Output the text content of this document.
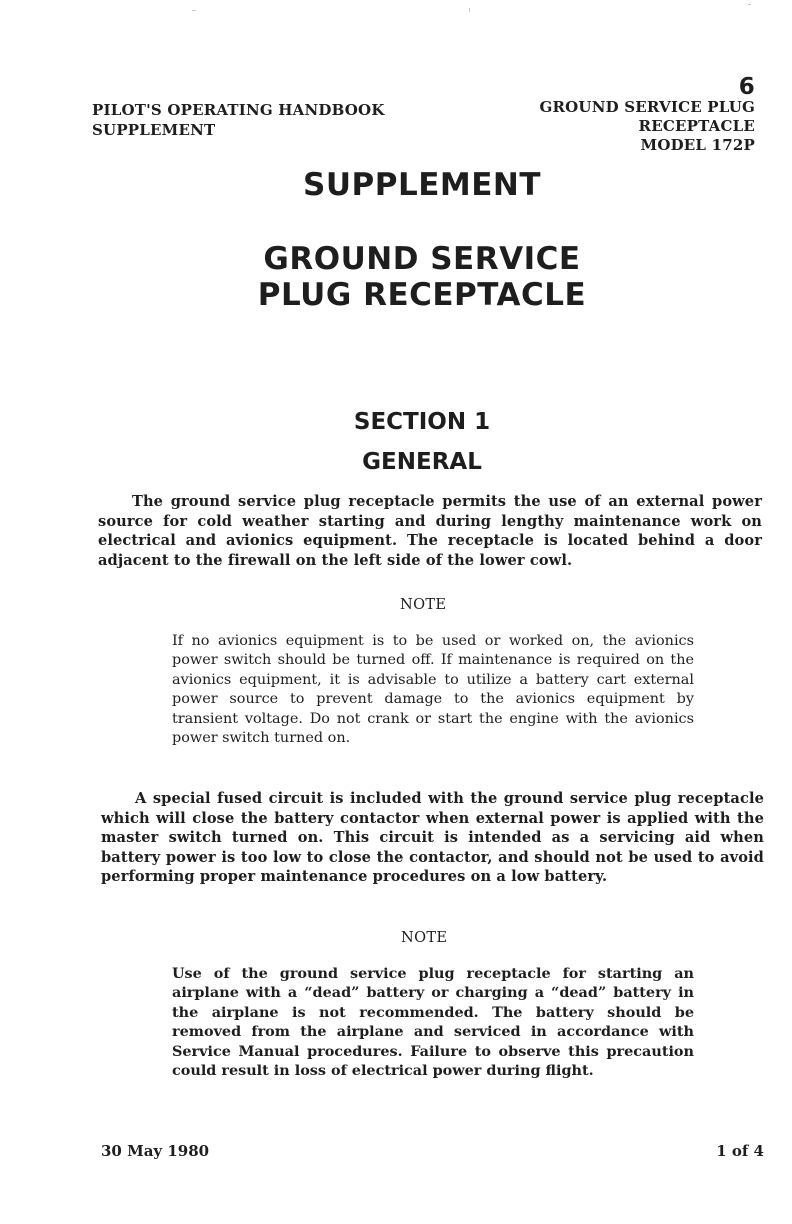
PILOT'S OPERATING HANDBOOK
SUPPLEMENT
6
GROUND SERVICE PLUG
RECEPTACLE
MODEL 172P
SUPPLEMENT
GROUND SERVICE
PLUG RECEPTACLE
SECTION 1
GENERAL
The ground service plug receptacle permits the use of an external power source for cold weather starting and during lengthy maintenance work on electrical and avionics equipment. The receptacle is located behind a door adjacent to the firewall on the left side of the lower cowl.
NOTE
If no avionics equipment is to be used or worked on, the avionics power switch should be turned off. If maintenance is required on the avionics equipment, it is advisable to utilize a battery cart external power source to prevent damage to the avionics equipment by transient voltage. Do not crank or start the engine with the avionics power switch turned on.
A special fused circuit is included with the ground service plug receptacle which will close the battery contactor when external power is applied with the master switch turned on. This circuit is intended as a servicing aid when battery power is too low to close the contactor, and should not be used to avoid performing proper maintenance procedures on a low battery.
NOTE
Use of the ground service plug receptacle for starting an airplane with a “dead” battery or charging a “dead” battery in the airplane is not recommended. The battery should be removed from the airplane and serviced in accordance with Service Manual procedures. Failure to observe this precaution could result in loss of electrical power during flight.
30 May 1980	1 of 4
